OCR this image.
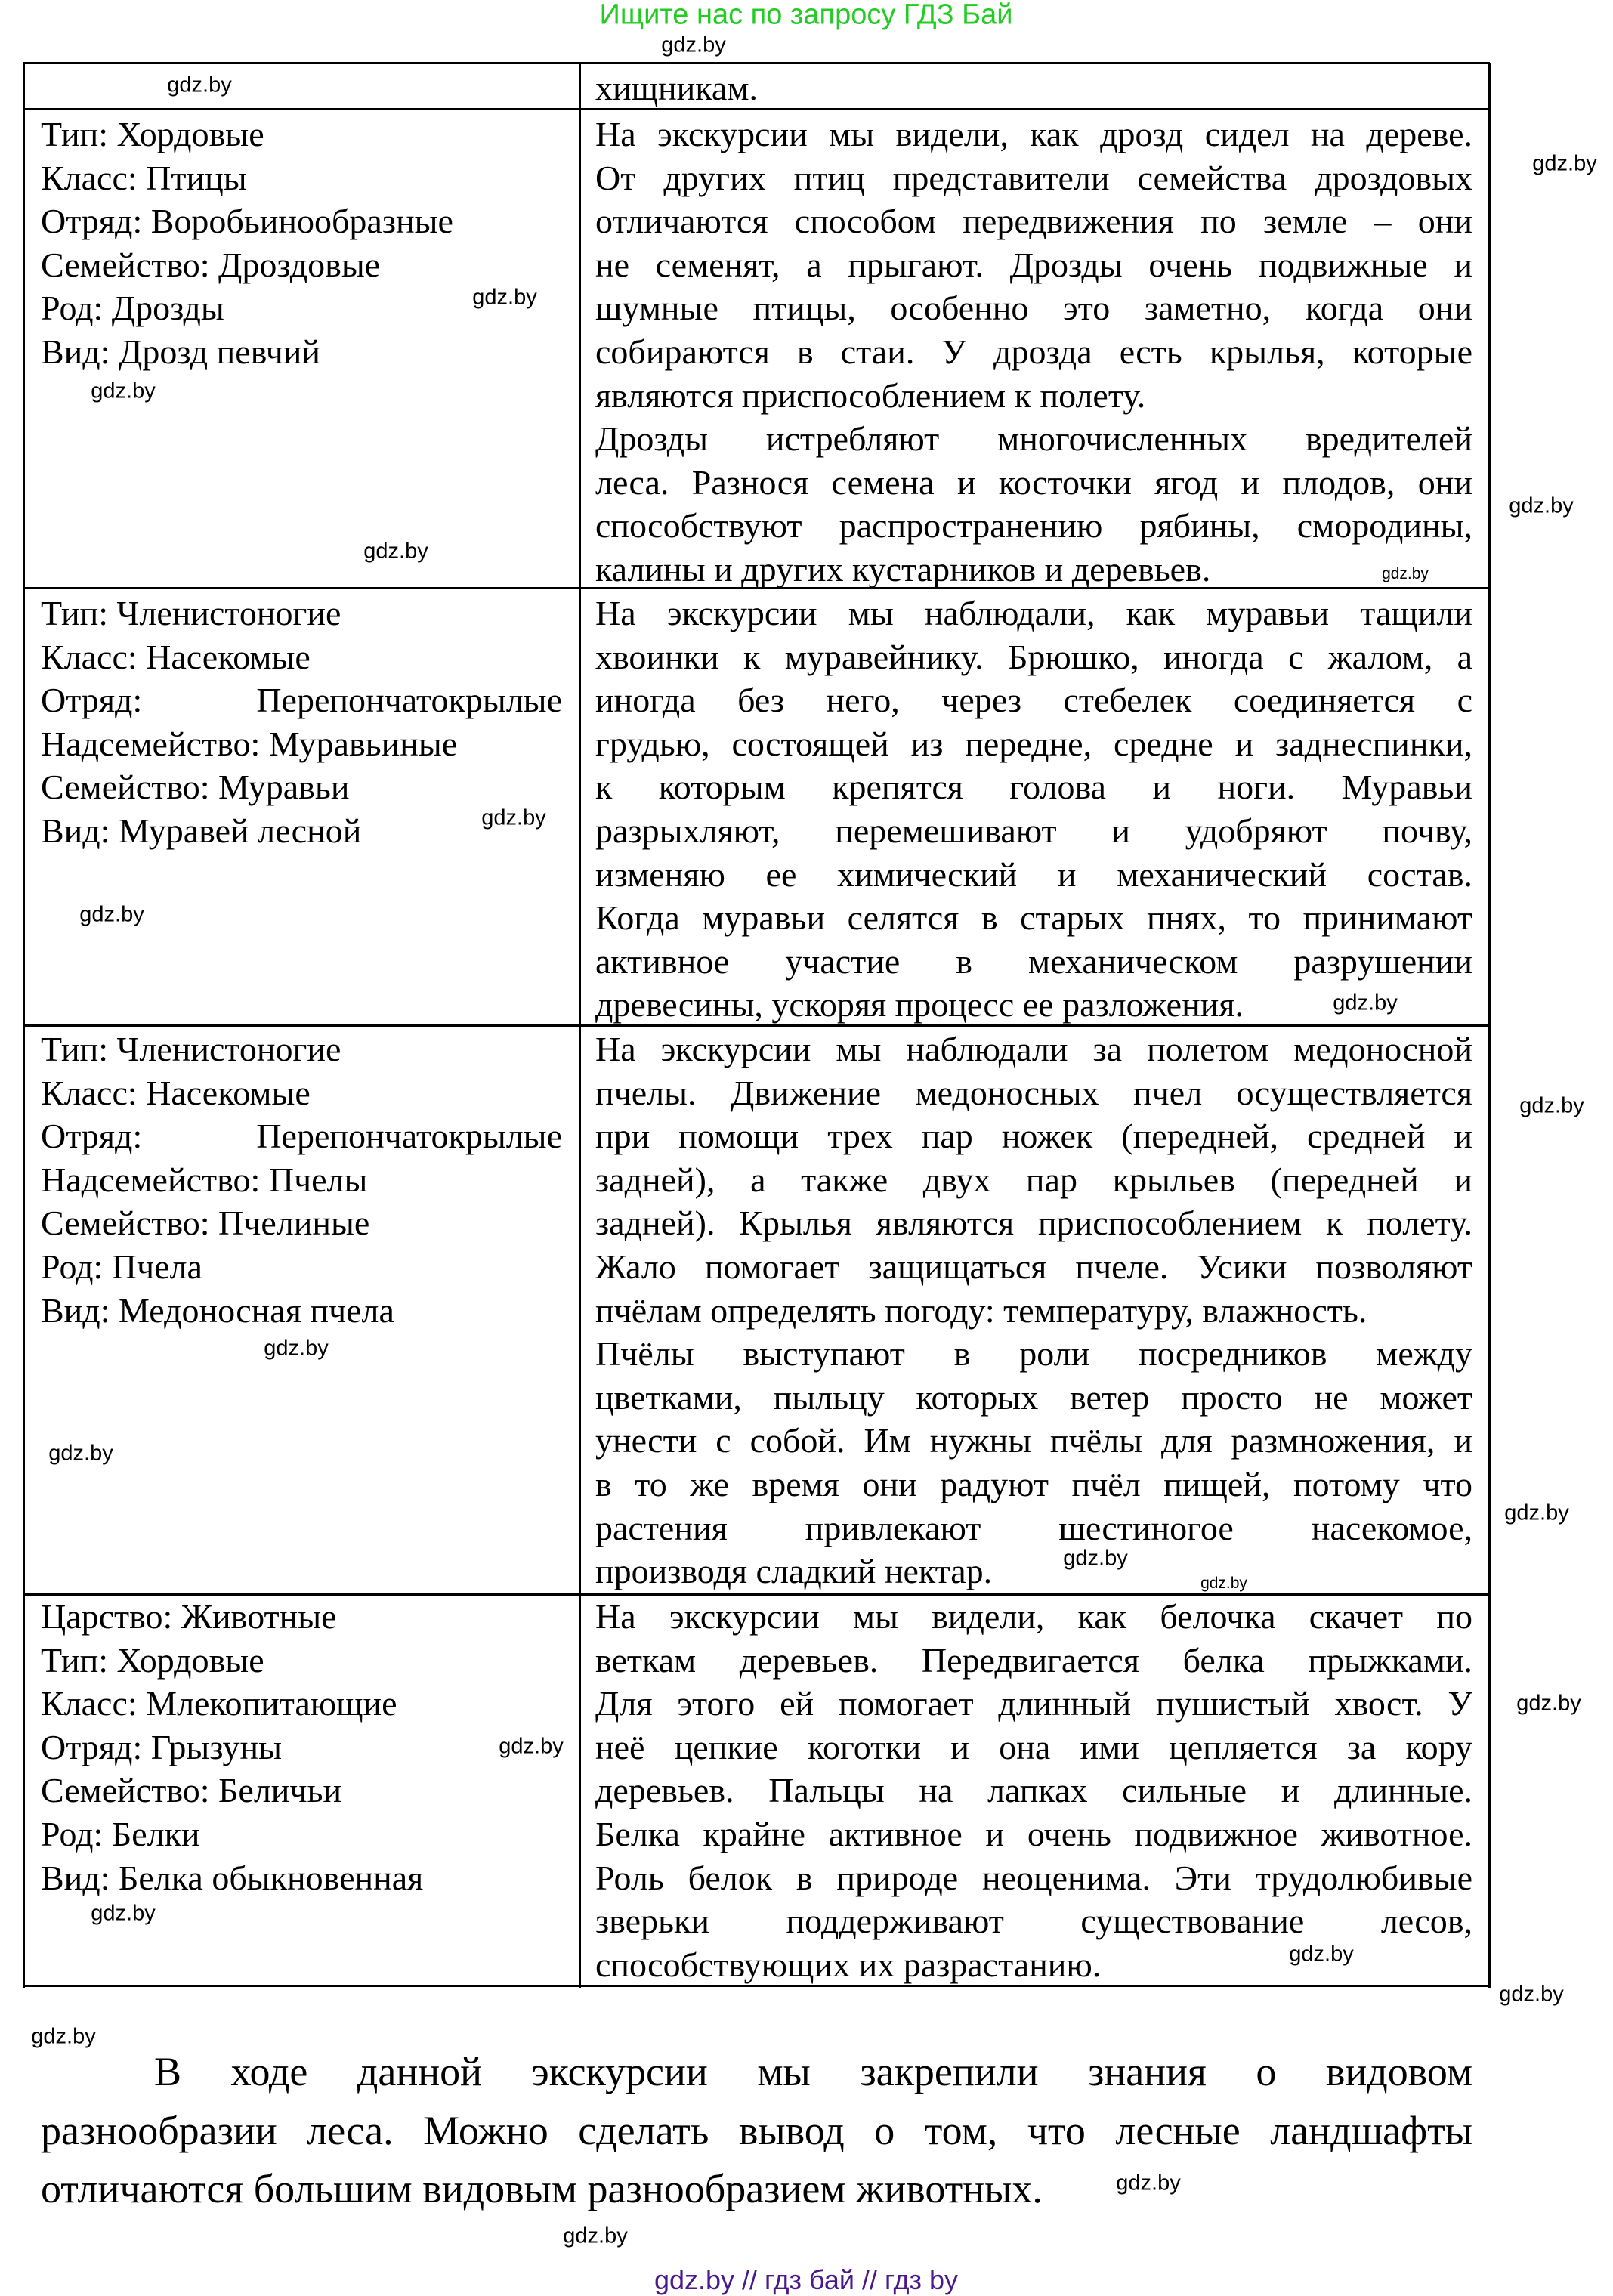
Ищите нас по запросу ГДЗ Бай
хищникам.
Тип: Хордовые
Класс: Птицы
Отряд: Воробьинообразные
Семейство: Дроздовые
Род: Дрозды
Вид: Дрозд певчий
На экскурсии мы видели, как дрозд сидел на дереве.
От других птиц представители семейства дроздовых
отличаются способом передвижения по земле – они
не семенят, а прыгают. Дрозды очень подвижные и
шумные птицы, особенно это заметно, когда они
собираются в стаи. У дрозда есть крылья, которые
являются приспособлением к полету.
Дрозды истребляют многочисленных вредителей
леса. Разнося семена и косточки ягод и плодов, они
способствуют распространению рябины, смородины,
калины и других кустарников и деревьев.
Тип: Членистоногие
Класс: Насекомые
Отряд: Перепончатокрылые
Надсемейство: Муравьиные
Семейство: Муравьи
Вид: Муравей лесной
На экскурсии мы наблюдали, как муравьи тащили
хвоинки к муравейнику. Брюшко, иногда с жалом, а
иногда без него, через стебелек соединяется с
грудью, состоящей из передне, средне и заднеспинки,
к которым крепятся голова и ноги. Муравьи
разрыхляют, перемешивают и удобряют почву,
изменяю ее химический и механический состав.
Когда муравьи селятся в старых пнях, то принимают
активное участие в механическом разрушении
древесины, ускоряя процесс ее разложения.
Тип: Членистоногие
Класс: Насекомые
Отряд: Перепончатокрылые
Надсемейство: Пчелы
Семейство: Пчелиные
Род: Пчела
Вид: Медоносная пчела
На экскурсии мы наблюдали за полетом медоносной
пчелы. Движение медоносных пчел осуществляется
при помощи трех пар ножек (передней, средней и
задней), а также двух пар крыльев (передней и
задней). Крылья являются приспособлением к полету.
Жало помогает защищаться пчеле. Усики позволяют
пчёлам определять погоду: температуру, влажность.
Пчёлы выступают в роли посредников между
цветками, пыльцу которых ветер просто не может
унести с собой. Им нужны пчёлы для размножения, и
в то же время они радуют пчёл пищей, потому что
растения привлекают шестиногое насекомое,
производя сладкий нектар.
Царство: Животные
Тип: Хордовые
Класс: Млекопитающие
Отряд: Грызуны
Семейство: Беличьи
Род: Белки
Вид: Белка обыкновенная
На экскурсии мы видели, как белочка скачет по
веткам деревьев. Передвигается белка прыжками.
Для этого ей помогает длинный пушистый хвост. У
неё цепкие коготки и она ими цепляется за кору
деревьев. Пальцы на лапках сильные и длинные.
Белка крайне активное и очень подвижное животное.
Роль белок в природе неоценима. Эти трудолюбивые
зверьки поддерживают существование лесов,
способствующих их разрастанию.
В ходе данной экскурсии мы закрепили знания о видовом
разнообразии леса. Можно сделать вывод о том, что лесные ландшафты
отличаются большим видовым разнообразием животных.
gdz.by
gdz.by
gdz.by
gdz.by
gdz.by
gdz.by
gdz.by
gdz.by
gdz.by
gdz.by
gdz.by
gdz.by
gdz.by
gdz.by
gdz.by
gdz.by
gdz.by
gdz.by
gdz.by
gdz.by
gdz.by
gdz.by
gdz.by
gdz.by
gdz.by
gdz.by // гдз бай // гдз by
